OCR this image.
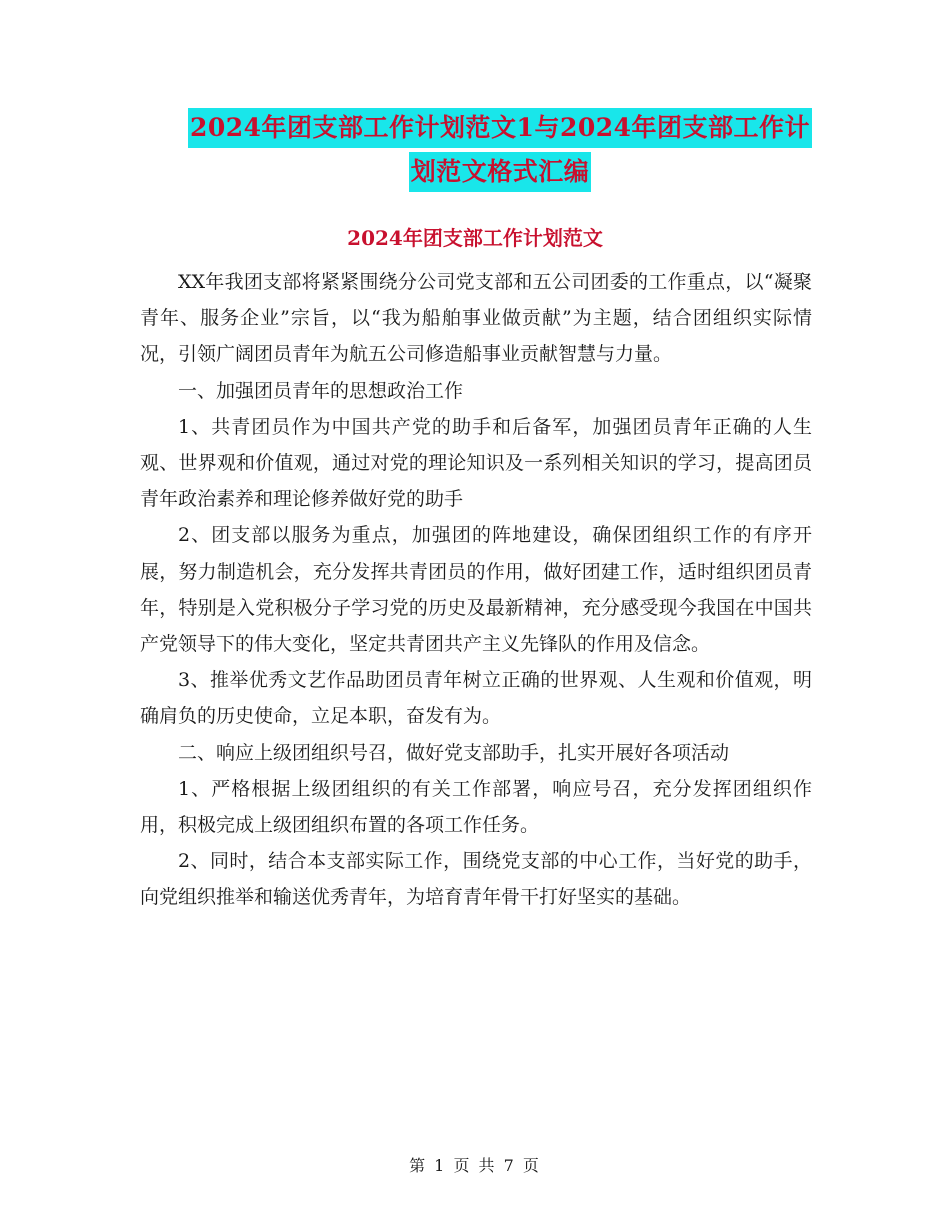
2024年团支部工作计划范文1与2024年团支部工作计
划范文格式汇编
2024年团支部工作计划范文

XX年我团支部将紧紧围绕分公司党支部和五公司团委的工作重点，以“凝聚青年、服务企业”宗旨，以“我为船舶事业做贡献”为主题，结合团组织实际情况，引领广阔团员青年为航五公司修造船事业贡献智慧与力量。

一、加强团员青年的思想政治工作

1、共青团员作为中国共产党的助手和后备军，加强团员青年正确的人生观、世界观和价值观，通过对党的理论知识及一系列相关知识的学习，提高团员青年政治素养和理论修养做好党的助手

2、团支部以服务为重点，加强团的阵地建设，确保团组织工作的有序开展，努力制造机会，充分发挥共青团员的作用，做好团建工作，适时组织团员青年，特别是入党积极分子学习党的历史及最新精神，充分感受现今我国在中国共产党领导下的伟大变化，坚定共青团共产主义先锋队的作用及信念。

3、推举优秀文艺作品助团员青年树立正确的世界观、人生观和价值观，明确肩负的历史使命，立足本职，奋发有为。

二、响应上级团组织号召，做好党支部助手，扎实开展好各项活动

1、严格根据上级团组织的有关工作部署，响应号召，充分发挥团组织作用，积极完成上级团组织布置的各项工作任务。

2、同时，结合本支部实际工作，围绕党支部的中心工作，当好党的助手，向党组织推举和输送优秀青年，为培育青年骨干打好坚实的基础。

第 1 页 共 7 页
